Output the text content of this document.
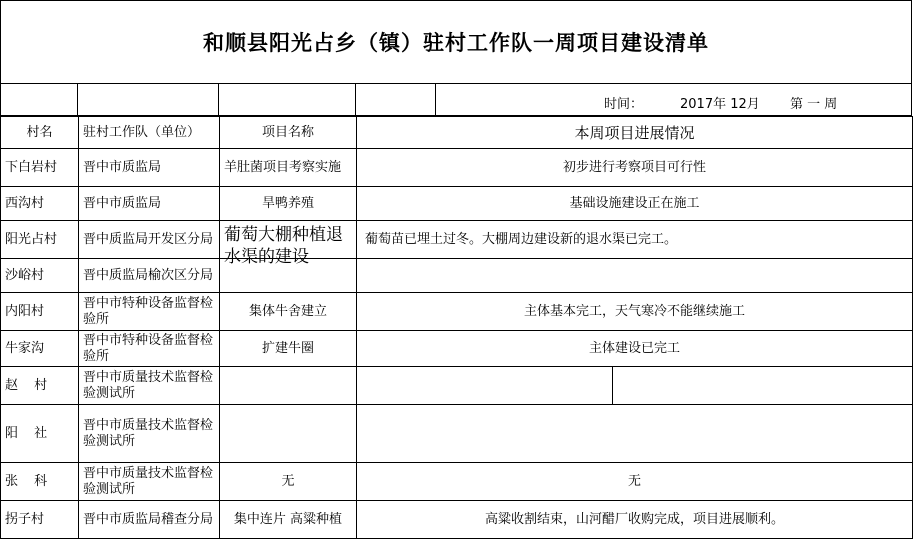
和顺县阳光占乡（镇）驻村工作队一周项目建设清单
时间：	2017年 12月 第 一 周
村名	驻村工作队（单位）	项目名称	本周项目进展情况	
下白岩村	晋中市质监局	羊肚菌项目考察实施	初步进行考察项目可行性	
西沟村	晋中市质监局	旱鸭养殖	基础设施建设正在施工	
阳光占村	晋中质监局开发区分局	葡萄大棚种植退水渠的建设	葡萄苗已埋土过冬。大棚周边建设新的退水渠已完工。	
沙峪村	晋中质监局榆次区分局			
内阳村	晋中市特种设备监督检验所	集体牛舍建立	主体基本完工，天气寒冷不能继续施工	
牛家沟	晋中市特种设备监督检验所	扩建牛圈	主体建设已完工	
赵 村	晋中市质量技术监督检验测试所			
阳 社	晋中市质量技术监督检验测试所			
张 科	晋中市质量技术监督检验测试所	无	无	
拐子村	晋中市质监局稽查分局	集中连片 高粱种植	高粱收割结束，山河醋厂收购完成，项目进展顺利。	
